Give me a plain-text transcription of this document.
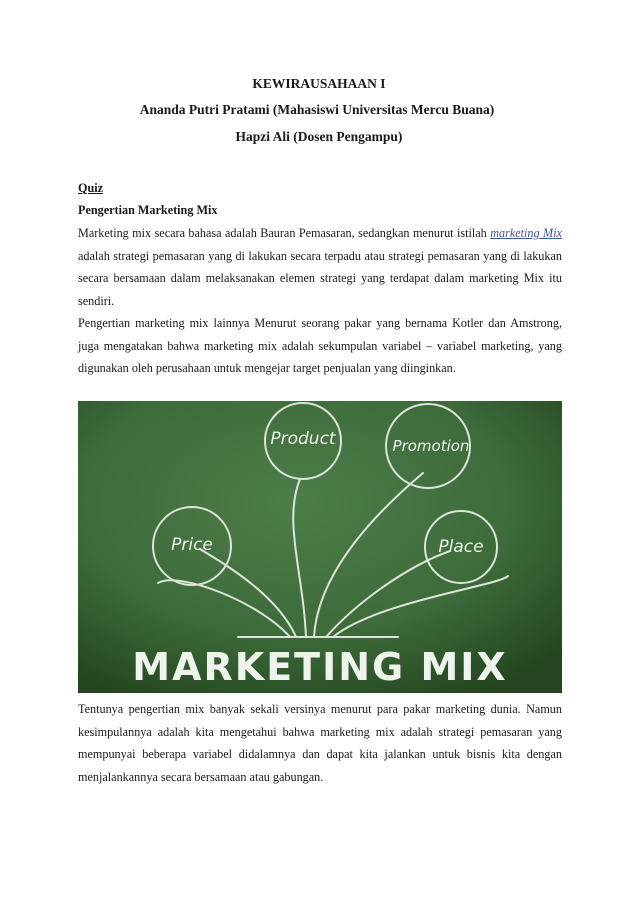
KEWIRAUSAHAAN I
Ananda Putri Pratami (Mahasiswi Universitas Mercu Buana)
Hapzi Ali (Dosen Pengampu)
Quiz
Pengertian Marketing Mix

Marketing mix secara bahasa adalah Bauran Pemasaran, sedangkan menurut istilah marketing Mix adalah strategi pemasaran yang di lakukan secara terpadu atau strategi pemasaran yang di lakukan secara bersamaan dalam melaksanakan elemen strategi yang terdapat dalam marketing Mix itu sendiri.

Pengertian marketing mix lainnya Menurut seorang pakar yang bernama Kotler dan Amstrong, juga mengatakan bahwa marketing mix adalah sekumpulan variabel – variabel marketing, yang digunakan oleh perusahaan untuk mengejar target penjualan yang diinginkan.

Product	Promotion
Price	Place
MARKETING MIX

Tentunya pengertian mix banyak sekali versinya menurut para pakar marketing dunia. Namun kesimpulannya adalah kita mengetahui bahwa marketing mix adalah strategi pemasaran yang mempunyai beberapa variabel didalamnya dan dapat kita jalankan untuk bisnis kita dengan menjalankannya secara bersamaan atau gabungan.
